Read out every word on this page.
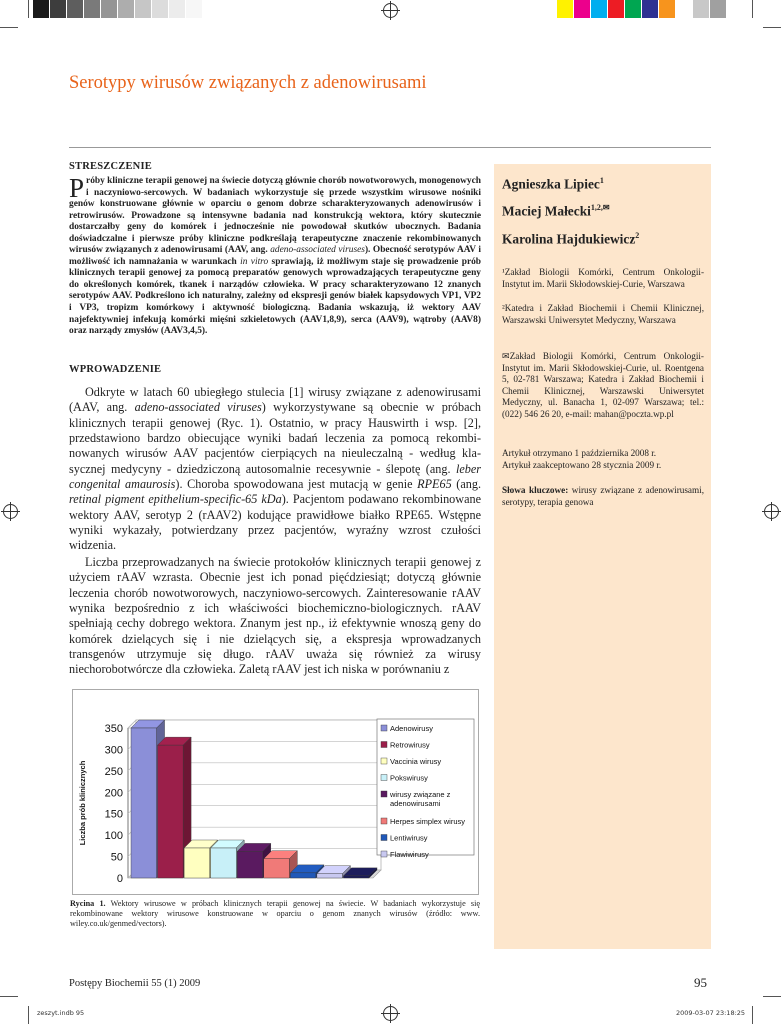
Serotypy wirusów związanych z adenowirusami
STRESZCZENIE

Próby kliniczne terapii genowej na świecie dotyczą głównie chorób nowotworowych, monogenowych i naczyniowo-sercowych. W badaniach wykorzystuje się przede wszystkim wirusowe nośniki genów konstruowane głównie w oparciu o genom dobrze scharakteryzowanych adenowirusów i retrowirusów. Prowadzone są intensywne badania nad konstrukcją wektora, który skutecznie dostarczałby geny do komórek i jednocześnie nie powodował skutków ubocznych. Badania doświadczalne i pierwsze próby kliniczne podkreślają terapeutyczne znaczenie rekombinowanych wirusów związanych z adenowirusami (AAV, ang. adeno-associated viruses). Obecność serotypów AAV i możliwość ich namnażania w warunkach in vitro sprawiają, iż możliwym staje się prowadzenie prób klinicznych terapii genowej za pomocą preparatów genowych wprowadzających terapeutyczne geny do określonych komórek, tkanek i narządów człowieka. W pracy scharakteryzowano 12 znanych serotypów AAV. Podkreślono ich naturalny, zależny od ekspresji genów białek kapsydowych VP1, VP2 i VP3, tropizm komórkowy i aktywność biologiczną. Badania wskazują, iż wektory AAV najefektywniej infekują komórki mięśni szkieletowych (AAV1,8,9), serca (AAV9), wątroby (AAV8) oraz narządy zmysłów (AAV3,4,5).

WPROWADZENIE

Odkryte w latach 60 ubiegłego stulecia [1] wirusy związane z adenowirusami (AAV, ang. adeno-associated viruses) wykorzystywane są obecnie w próbach klinicznych terapii genowej (Ryc. 1). Ostatnio, w pracy Hauswirth i wsp. [2], przedstawiono bardzo obiecujące wyniki badań leczenia za pomocą rekombinowanych wirusów AAV pacjentów cierpiących na nieuleczalną - według klasycznej medycyny - dziedziczoną autosomalnie recesywnie - ślepotę (ang. leber congenital amaurosis). Choroba spowodowana jest mutacją w genie RPE65 (ang. retinal pigment epithelium-specific-65 kDa). Pacjentom podawano rekombinowane wektory AAV, serotyp 2 (rAAV2) kodujące prawidłowe białko RPE65. Wstępne wyniki wykazały, potwierdzany przez pacjentów, wyraźny wzrost czułości widzenia.

Liczba przeprowadzanych na świecie protokołów klinicznych terapii genowej z użyciem rAAV wzrasta. Obecnie jest ich ponad pięćdziesiąt; dotyczą głównie leczenia chorób nowotworowych, naczyniowo-sercowych. Zainteresowanie rAAV wynika bezpośrednio z ich właściwości biochemiczno-biologicznych. rAAV spełniają cechy dobrego wektora. Znanym jest np., iż efektywnie wnoszą geny do komórek dzielących się i nie dzielących się, a ekspresja wprowadzanych transgenów utrzymuje się długo. rAAV uważa się również za wirusy niechorobotwórcze dla człowieka. Zaletą rAAV jest ich niska w porównaniu z

0
50
100
150
200
250
300
350
Liczba prób klinicznych
Adenowirusy
Retrowirusy
Vaccinia wirusy
Pokswirusy
wirusy związane z
adenowirusami
Herpes simplex wirusy
Lentiwirusy
Flawiwirusy

Rycina 1. Wektory wirusowe w próbach klinicznych terapii genowej na świecie. W badaniach wykorzystuje się rekombinowane wektory wirusowe konstruowane w oparciu o genom znanych wirusów (źródło: www. wiley.co.uk/genmed/vectors).

Agnieszka Lipiec$^1$

Maciej Małecki$^{1,2,✉}$

Karolina Hajdukiewicz$^2$

¹Zakład Biologii Komórki, Centrum Onkologii-Instytut im. Marii Skłodowskiej-Curie, Warszawa

²Katedra i Zakład Biochemii i Chemii Klinicznej, Warszawski Uniwersytet Medyczny, Warszawa

✉Zakład Biologii Komórki, Centrum Onkologii-Instytut im. Marii Skłodowskiej-Curie, ul. Roentgena 5, 02-781 Warszawa; Katedra i Zakład Biochemii i Chemii Klinicznej, Warszawski Uniwersytet Medyczny, ul. Banacha 1, 02-097 Warszawa; tel.: (022) 546 26 20, e-mail: mahan@poczta.wp.pl

Artykuł otrzymano 1 października 2008 r.

Artykuł zaakceptowano 28 stycznia 2009 r.

Słowa kluczowe: wirusy związane z adenowirusami, serotypy, terapia genowa

Postępy Biochemii 55 (1) 2009	95

zeszyt.indb 95	2009-03-07 23:18:25
